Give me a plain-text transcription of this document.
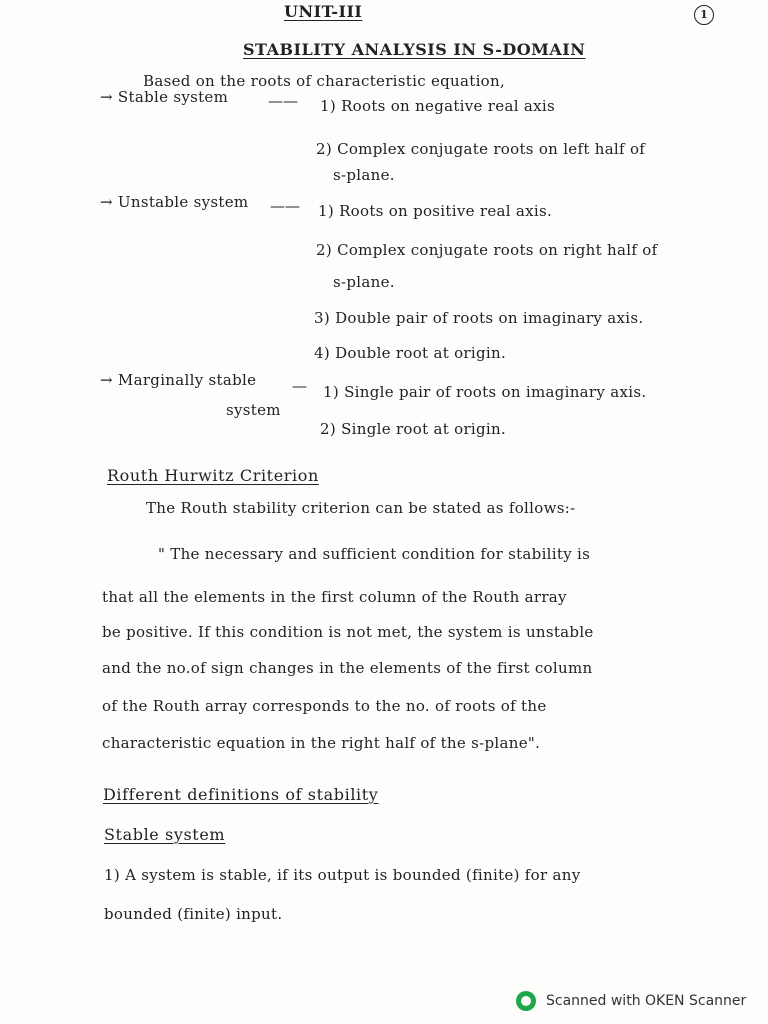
UNIT-III	1
STABILITY ANALYSIS IN S-DOMAIN
Based on the roots of characteristic equation,
→ Stable system	—— 1) Roots on negative real axis
2) Complex conjugate roots on left half of
s-plane.
→ Unstable system —— 1) Roots on positive real axis.
2) Complex conjugate roots on right half of
s-plane.
3) Double pair of roots on imaginary axis.
4) Double root at origin.
→ Marginally stable
system
— 1) Single pair of roots on imaginary axis.
2) Single root at origin.
Routh Hurwitz Criterion
The Routh stability criterion can be stated as follows:-
" The necessary and sufficient condition for stability is
that all the elements in the first column of the Routh array
be positive. If this condition is not met, the system is unstable
and the no.of sign changes in the elements of the first column
of the Routh array corresponds to the no. of roots of the
characteristic equation in the right half of the s-plane".
Different definitions of stability
Stable system
1) A system is stable, if its output is bounded (finite) for any
bounded (finite) input.
Scanned with OKEN Scanner
